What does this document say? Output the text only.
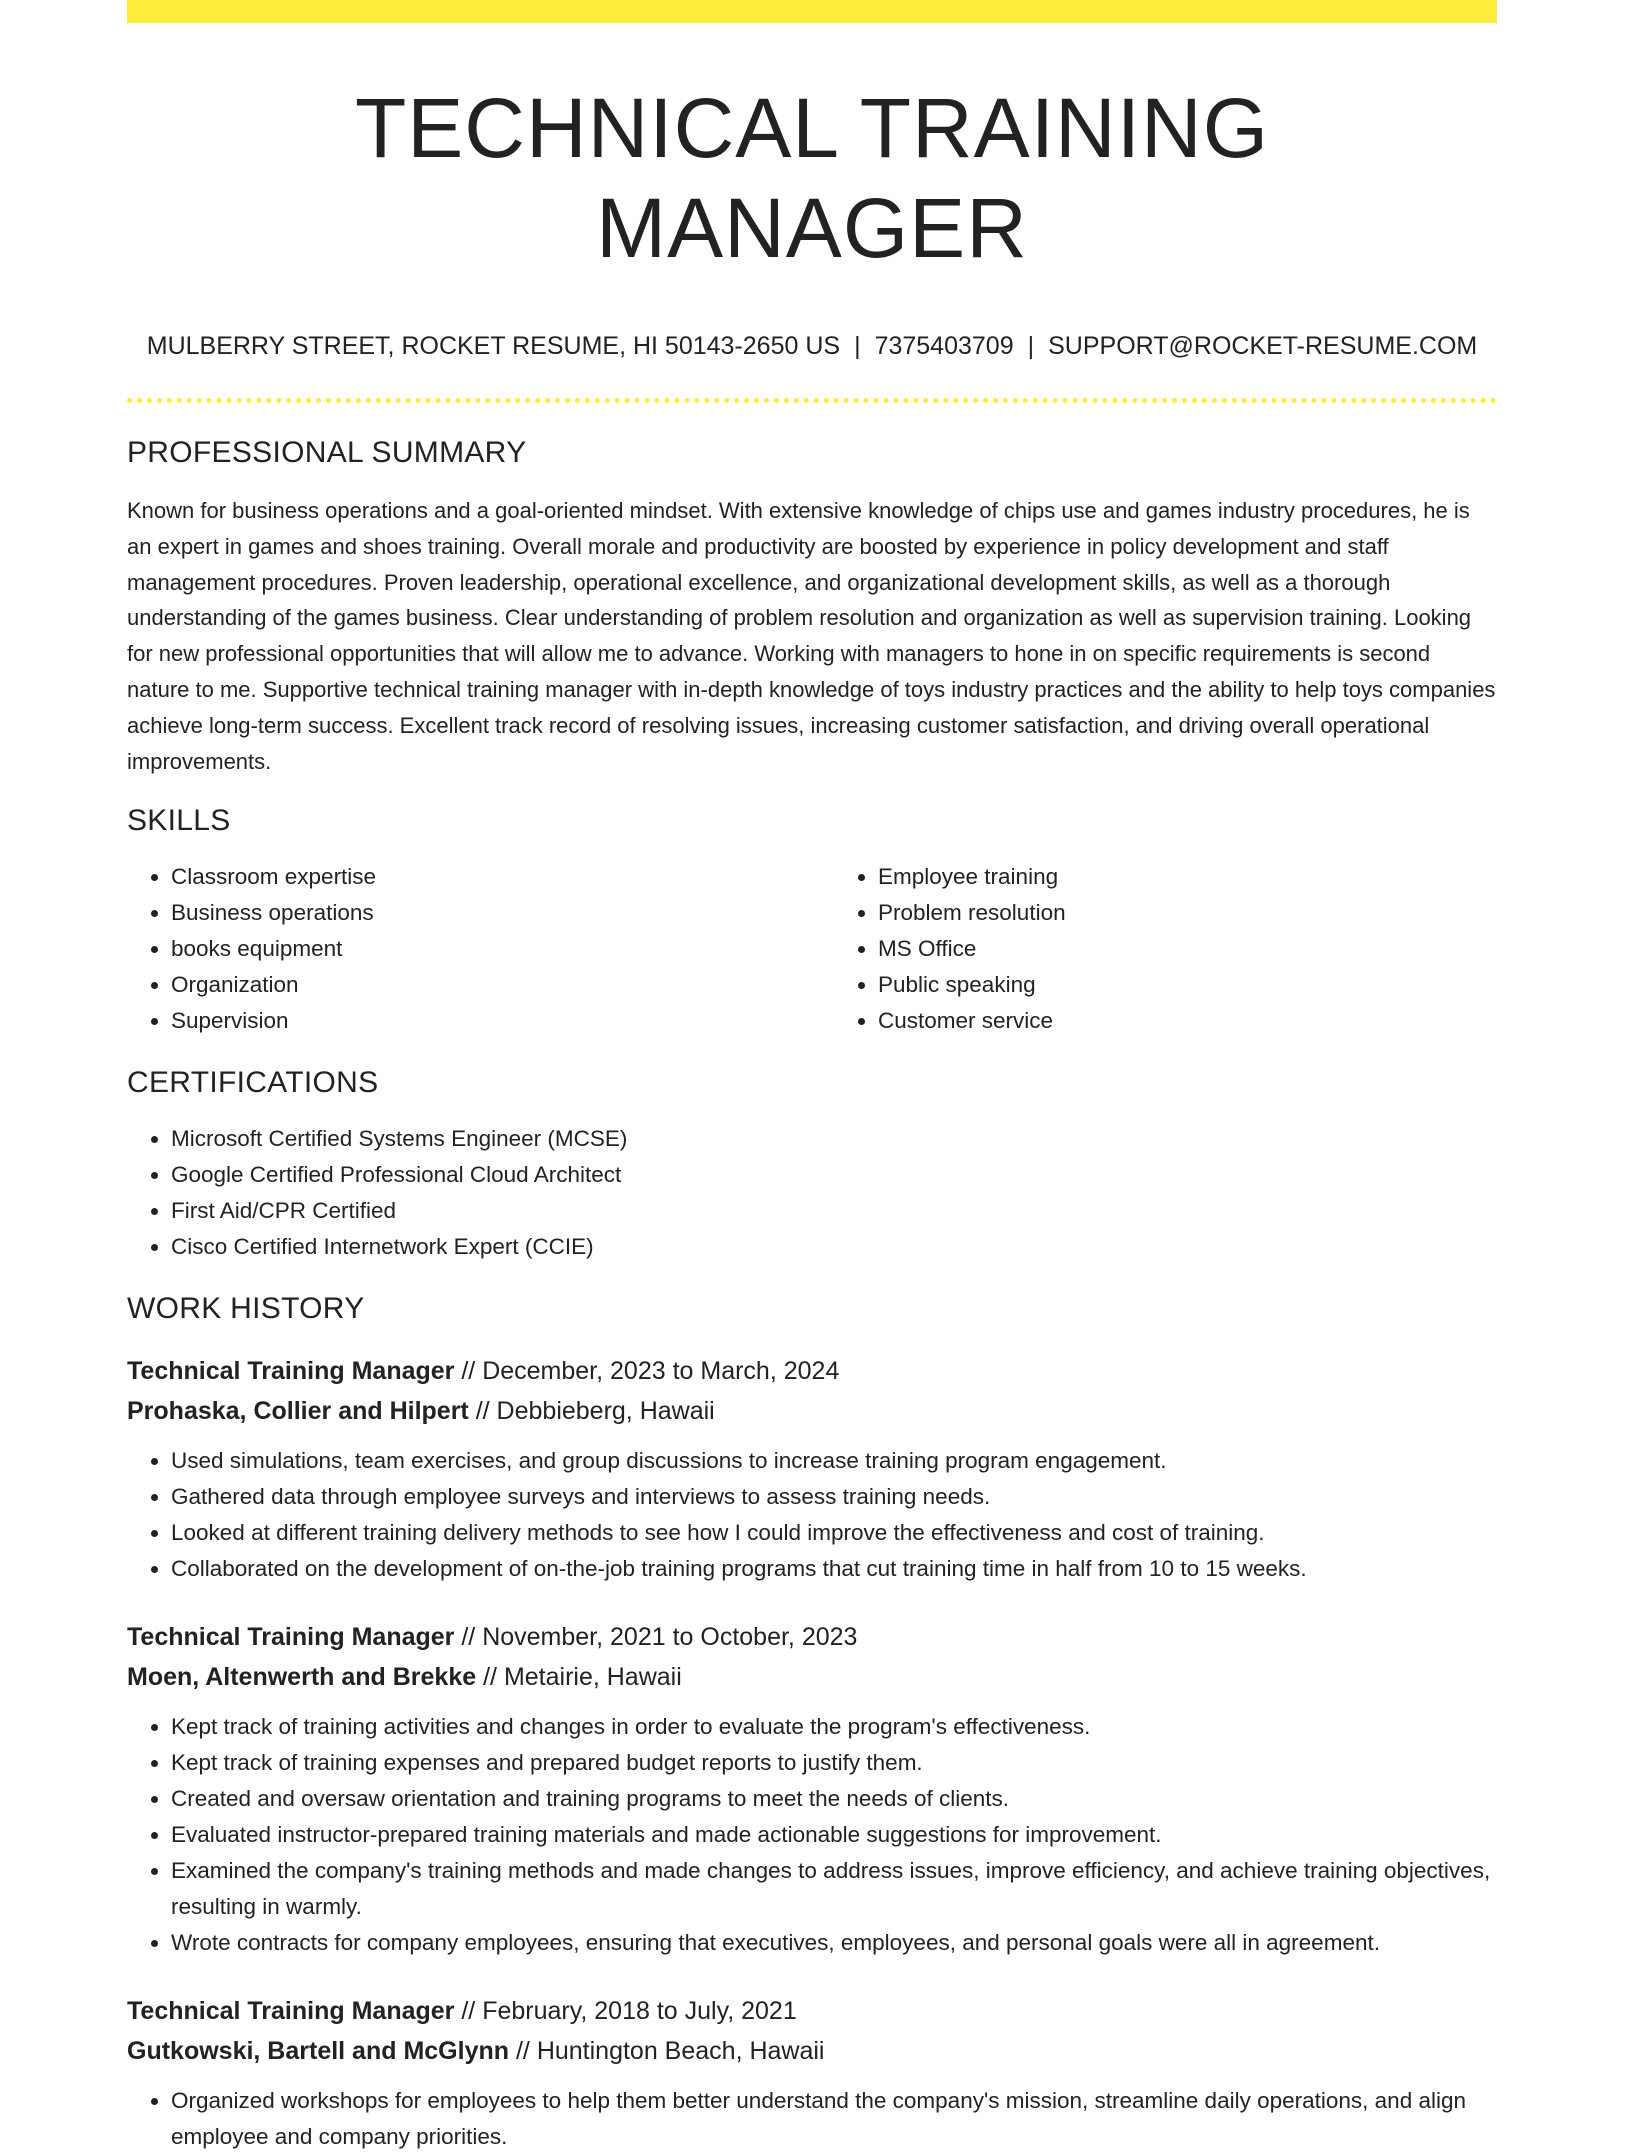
TECHNICAL TRAINING MANAGER
MULBERRY STREET, ROCKET RESUME, HI 50143-2650 US | 7375403709 | SUPPORT@ROCKET-RESUME.COM
PROFESSIONAL SUMMARY

Known for business operations and a goal-oriented mindset. With extensive knowledge of chips use and games industry procedures, he is an expert in games and shoes training. Overall morale and productivity are boosted by experience in policy development and staff management procedures. Proven leadership, operational excellence, and organizational development skills, as well as a thorough understanding of the games business. Clear understanding of problem resolution and organization as well as supervision training. Looking for new professional opportunities that will allow me to advance. Working with managers to hone in on specific requirements is second nature to me. Supportive technical training manager with in-depth knowledge of toys industry practices and the ability to help toys companies achieve long-term success. Excellent track record of resolving issues, increasing customer satisfaction, and driving overall operational improvements.

SKILLS
• Classroom expertise
• Business operations
• books equipment
• Organization
• Supervision
• Employee training
• Problem resolution
• MS Office
• Public speaking
• Customer service
CERTIFICATIONS
• Microsoft Certified Systems Engineer (MCSE)
• Google Certified Professional Cloud Architect
• First Aid/CPR Certified
• Cisco Certified Internetwork Expert (CCIE)
WORK HISTORY
Technical Training Manager // December, 2023 to March, 2024
Prohaska, Collier and Hilpert // Debbieberg, Hawaii
• Used simulations, team exercises, and group discussions to increase training program engagement.
• Gathered data through employee surveys and interviews to assess training needs.
• Looked at different training delivery methods to see how I could improve the effectiveness and cost of training.
• Collaborated on the development of on-the-job training programs that cut training time in half from 10 to 15 weeks.
Technical Training Manager // November, 2021 to October, 2023
Moen, Altenwerth and Brekke // Metairie, Hawaii
• Kept track of training activities and changes in order to evaluate the program's effectiveness.
• Kept track of training expenses and prepared budget reports to justify them.
• Created and oversaw orientation and training programs to meet the needs of clients.
• Evaluated instructor-prepared training materials and made actionable suggestions for improvement.
• Examined the company's training methods and made changes to address issues, improve efficiency, and achieve training objectives, resulting in warmly.
• Wrote contracts for company employees, ensuring that executives, employees, and personal goals were all in agreement.
Technical Training Manager // February, 2018 to July, 2021
Gutkowski, Bartell and McGlynn // Huntington Beach, Hawaii
• Organized workshops for employees to help them better understand the company's mission, streamline daily operations, and align employee and company priorities.
